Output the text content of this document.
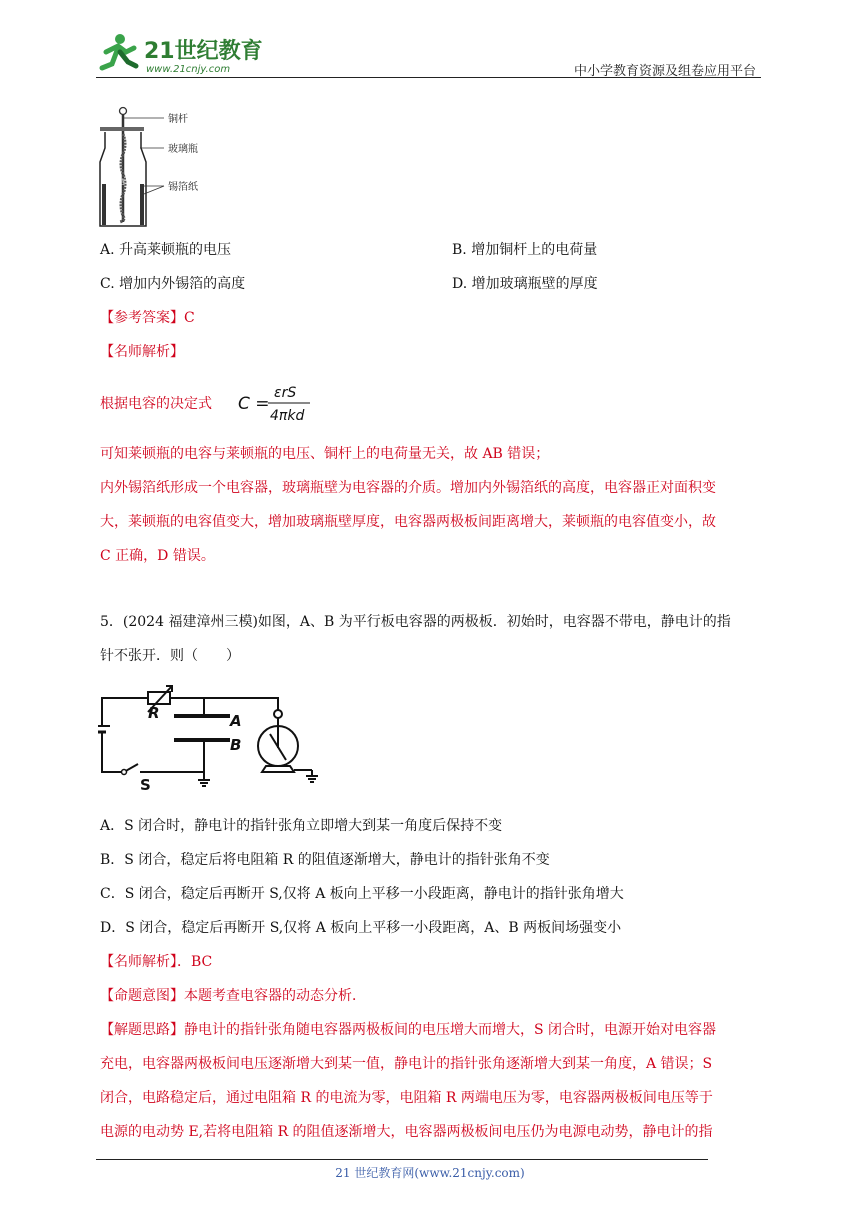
21世纪教育
www.21cnjy.com	中小学教育资源及组卷应用平台
铜杆
玻璃瓶
锡箔纸
铜链
A. 升高莱顿瓶的电压	B. 增加铜杆上的电荷量
C. 增加内外锡箔的高度	D. 增加玻璃瓶壁的厚度
【参考答案】C
【名师解析】
根据电容的决定式 C =
εrS
4πkd
可知莱顿瓶的电容与莱顿瓶的电压、铜杆上的电荷量无关，故 AB 错误；
内外锡箔纸形成一个电容器，玻璃瓶壁为电容器的介质。增加内外锡箔纸的高度，电容器正对面积变
大，莱顿瓶的电容值变大，增加玻璃瓶壁厚度，电容器两极板间距离增大，莱顿瓶的电容值变小，故
C 正确，D 错误。
5．(2024 福建漳州三模)如图，A、B 为平行板电容器的两极板．初始时，电容器不带电，静电计的指
针不张开．则（　　）
R	A
B
S
A．S 闭合时，静电计的指针张角立即增大到某一角度后保持不变
B．S 闭合，稳定后将电阻箱 R 的阻值逐渐增大，静电计的指针张角不变
C．S 闭合，稳定后再断开 S,仅将 A 板向上平移一小段距离，静电计的指针张角增大
D．S 闭合，稳定后再断开 S,仅将 A 板向上平移一小段距离，A、B 两板间场强变小
【名师解析】．BC
【命题意图】本题考查电容器的动态分析．
【解题思路】静电计的指针张角随电容器两极板间的电压增大而增大，S 闭合时，电源开始对电容器
充电，电容器两极板间电压逐渐增大到某一值，静电计的指针张角逐渐增大到某一角度，A 错误；S
闭合，电路稳定后，通过电阻箱 R 的电流为零，电阻箱 R 两端电压为零，电容器两极板间电压等于
电源的电动势 E,若将电阻箱 R 的阻值逐渐增大，电容器两极板间电压仍为电源电动势，静电计的指
21 世纪教育网(www.21cnjy.com)
